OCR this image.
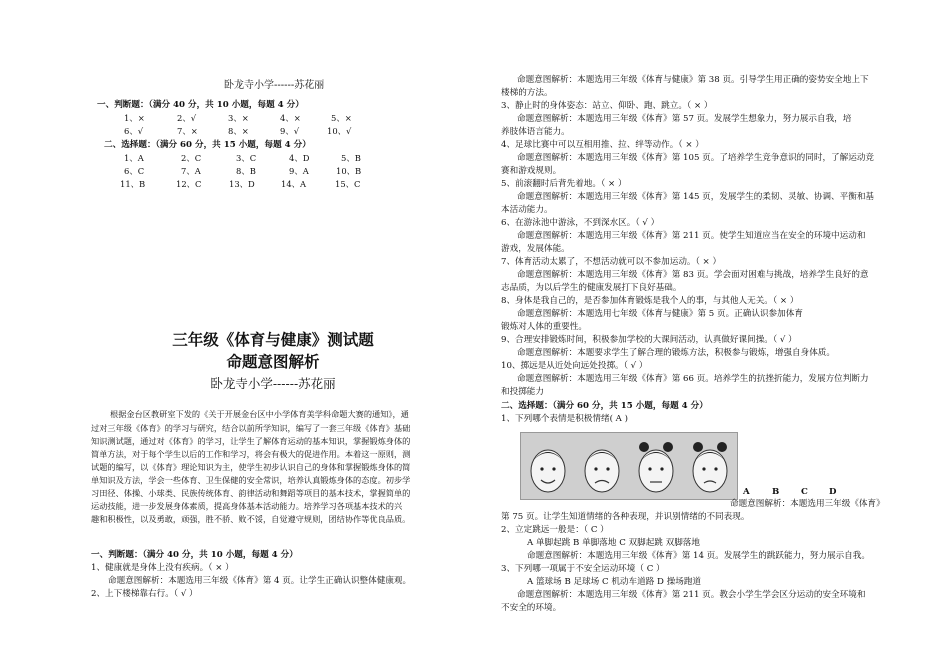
卧龙寺小学------苏花丽
一、判断题：（满分 40 分，共 10 小题，每题 4 分）
1、×	2、√	3、×	4、×	5、×
6、√	7、×	8、×	9、√	10、√
二、选择题：（满分 60 分，共 15 小题，每题 4 分）
1、A	2、C	3、C	4、D	5、B
6、C	7、A	8、B	9、A	10、B
11、B	12、C	13、D	14、A	15、C
三年级《体育与健康》测试题
命题意图解析
卧龙寺小学------苏花丽
根据金台区教研室下发的《关于开展金台区中小学体育美学科命题大赛的通知》，通
过对三年级《体育》的学习与研究，结合以前所学知识，编写了一套三年级《体育》基础
知识测试题，通过对《体育》的学习，让学生了解体育运动的基本知识，掌握锻炼身体的
简单方法，对于每个学生以后的工作和学习，将会有极大的促进作用。本着这一原则，测
试题的编写，以《体育》理论知识为主，使学生初步认识自己的身体和掌握锻炼身体的简
单知识及方法，学会一些体育、卫生保健的安全常识，培养认真锻炼身体的态度。初步学
习田径、体操、小球类、民族传统体育、韵律活动和舞蹈等项目的基本技术，掌握简单的
运动技能，进一步发展身体素质，提高身体基本活动能力。培养学习各项基本技术的兴
趣和积极性，以及勇敢，顽强，胜不骄、败不馁，自觉遵守规则，团结协作等优良品质。
一、判断题：（满分 40 分，共 10 小题，每题 4 分）
1、健康就是身体上没有疾病。（ × ）
命题意图解析：本题选用三年级《体育》第 4 页。让学生正确认识整体健康观。
2、上下楼梯靠右行。（ √ ）
命题意图解析：本题选用三年级《体育与健康》第 38 页。引导学生用正确的姿势安全地上下
楼梯的方法。
3、静止时的身体姿态：站立、仰卧、跑、跳立。（ × ）
命题意图解析：本题选用三年级《体育》第 57 页。发展学生想象力，努力展示自我，培
养肢体语言能力。
4、足球比赛中可以互相用推、拉、绊等动作。（ × ）
命题意图解析：本题选用三年级《体育》第 105 页。了培养学生竞争意识的同时，了解运动竞
赛和游戏规则。
5、前滚翻时后背先着地。（ × ）
命题意图解析：本题选用三年级《体育》第 145 页，发展学生的柔韧、灵敏、协调、平衡和基
本活动能力。
6、在游泳池中游泳，不到深水区。（ √ ）
命题意图解析：本题选用三年级《体育》第 211 页。使学生知道应当在安全的环境中运动和
游戏，发展体能。
7、体育活动太累了，不想活动就可以不参加运动。（ × ）
命题意图解析：本题选用三年级《体育》第 83 页。学会面对困难与挑战，培养学生良好的意
志品质，为以后学生的健康发展打下良好基础。
8、身体是我自己的，是否参加体育锻炼是我个人的事，与其他人无关。（ × ）
命题意图解析：本题选用七年级《体育与健康》第 5 页。正确认识参加体育
锻炼对人体的重要性。
9、合理安排锻炼时间，积极参加学校的大课间活动，认真做好课间操。（ √ ）
命题意图解析：本题要求学生了解合理的锻炼方法，积极参与锻炼，增强自身体质。
10、掷远是从近处向远处投掷。（ √ ）
命题意图解析：本题选用三年级《体育》第 66 页。培养学生的抗挫折能力，发展方位判断力
和投掷能力
二、选择题：（满分 60 分，共 15 小题，每题 4 分）
1、下列哪个表情是积极情绪( A )
A	B	C D
命题意图解析：本题选用三年级《体育》
第 75 页。让学生知道情绪的各种表现，并识别情绪的不同表现。
2、立定跳远一般是：（ C ）
A 单脚起跳 B 单脚落地 C 双脚起跳 双脚落地
命题意图解析：本题选用三年级《体育》第 14 页。发展学生的跳跃能力，努力展示自我。
3、下列哪一项属于不安全运动环境（ C ）
A 篮球场 B 足球场 C 机动车道路 D 操场跑道
命题意图解析：本题选用三年级《体育》第 211 页。教会小学生学会区分运动的安全环境和
不安全的环境。
